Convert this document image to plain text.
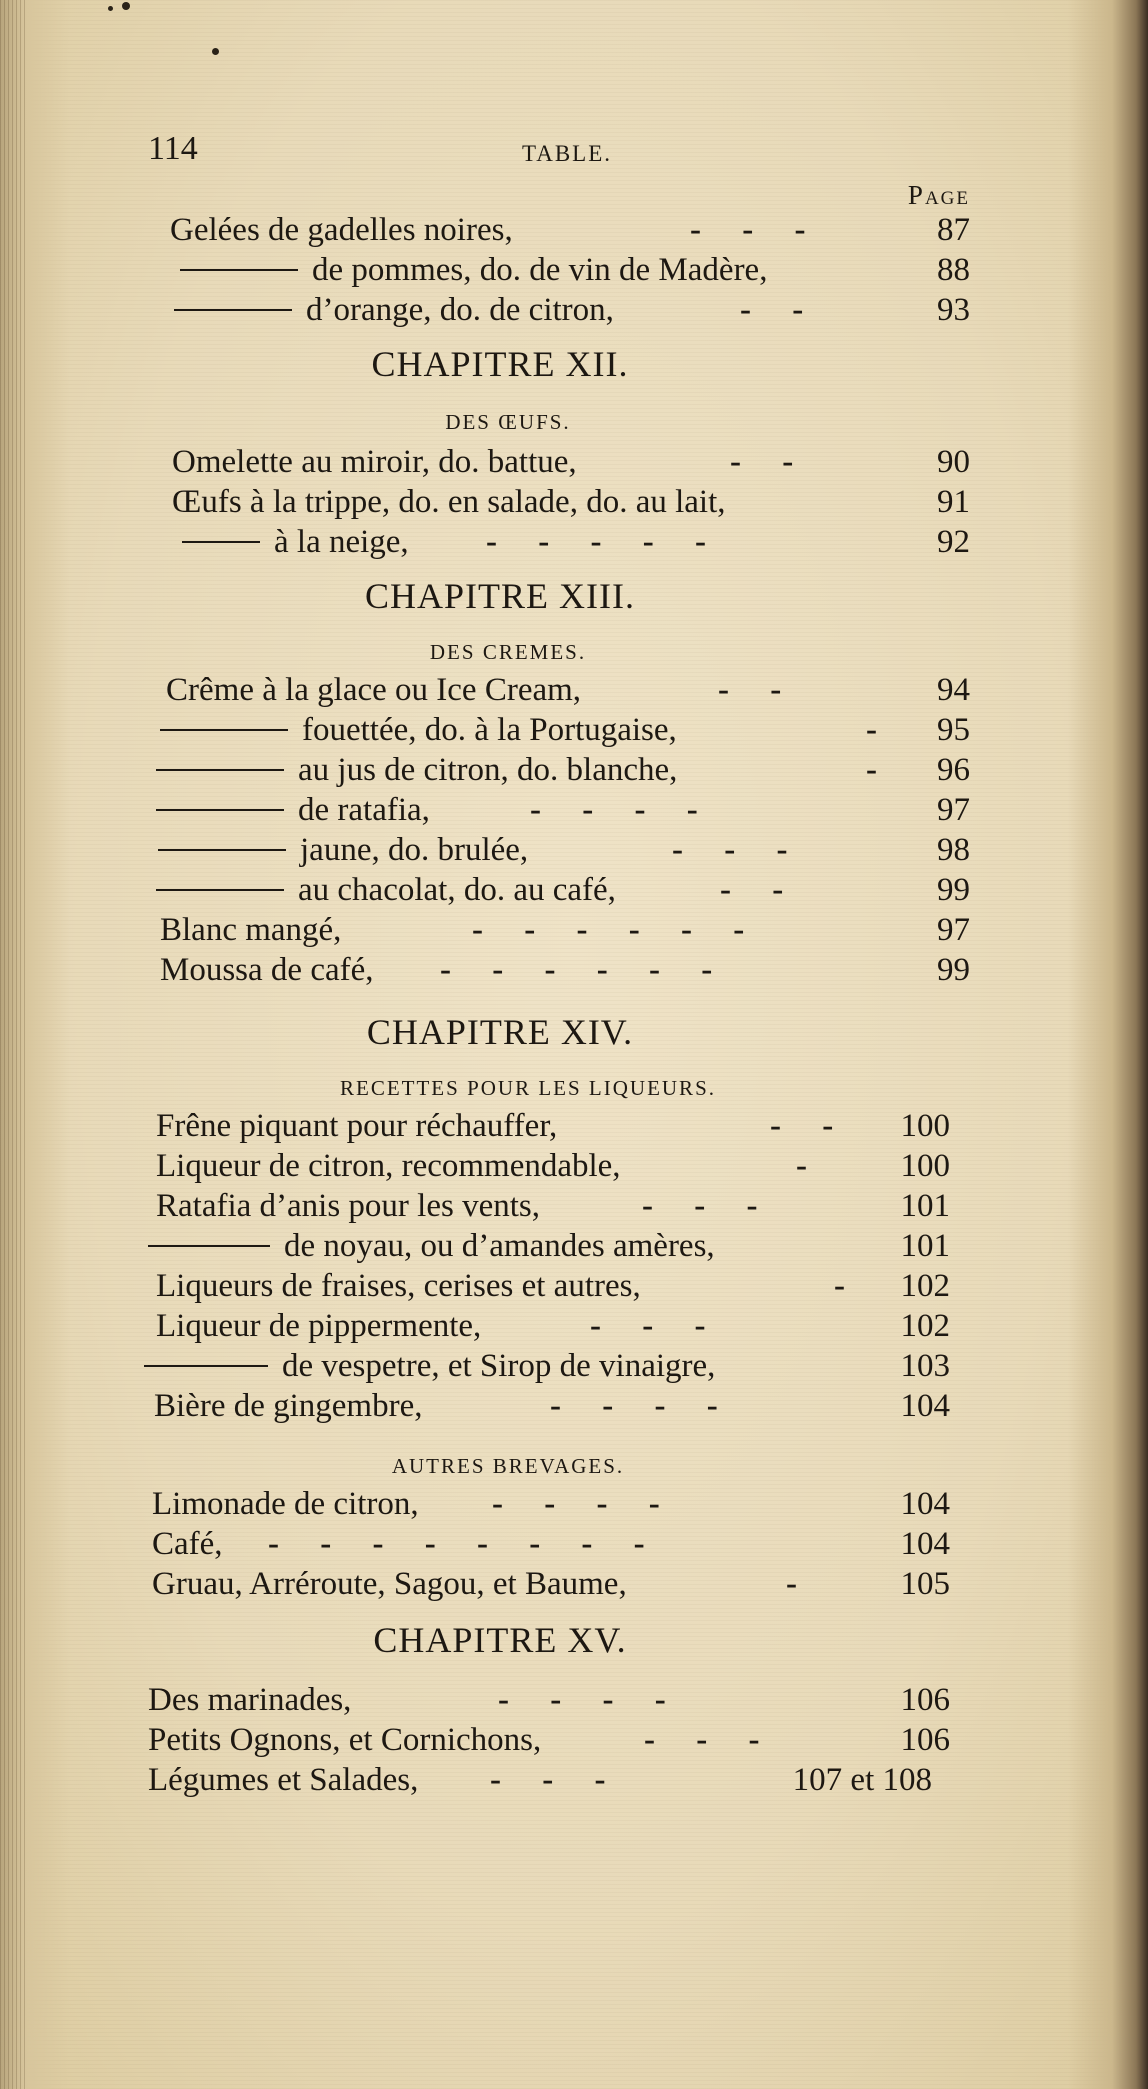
114	TABLE.
Page
Gelées de gadelles noires,	-     -     -	87
de pommes, do. de vin de Madère,	88
d’orange, do. de citron,	-     -	93
CHAPITRE XII.
DES ŒUFS.
Omelette au miroir, do. battue,	-     -	90
Œufs à la trippe, do. en salade, do. au lait,	91
à la neige, -     -     -     -     -	92
CHAPITRE XIII.
DES CREMES.
Crême à la glace ou Ice Cream,	-     -	94
fouettée, do. à la Portugaise,	- 95
au jus de citron, do. blanche,	- 96
de ratafia,	-     -     -     -	97
jaune, do. brulée,	-     -     -	98
au chacolat, do. au café,	-     -	99
Blanc mangé,	-     -     -     -     -     -	97
Moussa de café, -     -     -     -     -     -	99
CHAPITRE XIV.
RECETTES POUR LES LIQUEURS.
Frêne piquant pour réchauffer,	-     - 100
Liqueur de citron, recommendable,	-	100
Ratafia d’anis pour les vents,	-     -     -	101
de noyau, ou d’amandes amères,	101
Liqueurs de fraises, cerises et autres,	- 102
Liqueur de pippermente,	-     -     -	102
de vespetre, et Sirop de vinaigre,	103
Bière de gingembre,	-     -     -     -	104
AUTRES BREVAGES.
Limonade de citron, -     -     -     -	104
Café, -     -     -     -     -     -     -     -	104
Gruau, Arréroute, Sagou, et Baume,	-	105
CHAPITRE XV.
Des marinades,	-     -     -     -	106
Petits Ognons, et Cornichons,	-     -     -	106
Légumes et Salades, -     -     -	107 et 108
